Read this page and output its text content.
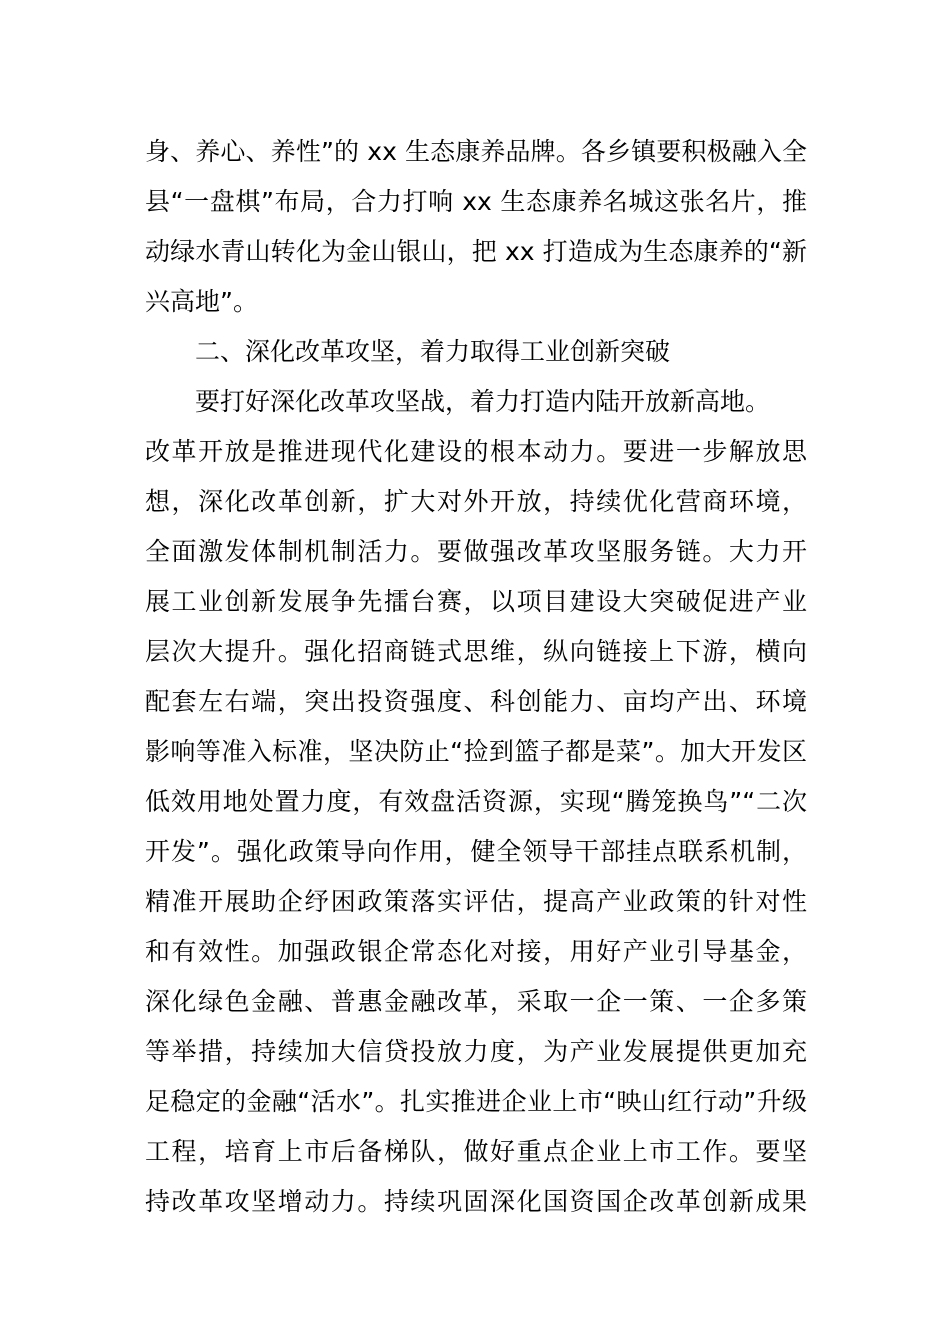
身、养心、养性”的 xx 生态康养品牌。各乡镇要积极融入全
县“一盘棋”布局，合力打响 xx 生态康养名城这张名片，推
动绿水青山转化为金山银山，把 xx 打造成为生态康养的“新
兴高地”。
二、深化改革攻坚，着力取得工业创新突破
要打好深化改革攻坚战，着力打造内陆开放新高地。
改革开放是推进现代化建设的根本动力。要进一步解放思
想，深化改革创新，扩大对外开放，持续优化营商环境，
全面激发体制机制活力。要做强改革攻坚服务链。大力开
展工业创新发展争先擂台赛，以项目建设大突破促进产业
层次大提升。强化招商链式思维，纵向链接上下游，横向
配套左右端，突出投资强度、科创能力、亩均产出、环境
影响等准入标准，坚决防止“捡到篮子都是菜”。加大开发区
低效用地处置力度，有效盘活资源，实现“腾笼换鸟”“二次
开发”。强化政策导向作用，健全领导干部挂点联系机制，
精准开展助企纾困政策落实评估，提高产业政策的针对性
和有效性。加强政银企常态化对接，用好产业引导基金，
深化绿色金融、普惠金融改革，采取一企一策、一企多策
等举措，持续加大信贷投放力度，为产业发展提供更加充
足稳定的金融“活水”。扎实推进企业上市“映山红行动”升级
工程，培育上市后备梯队，做好重点企业上市工作。要坚
持改革攻坚增动力。持续巩固深化国资国企改革创新成果
